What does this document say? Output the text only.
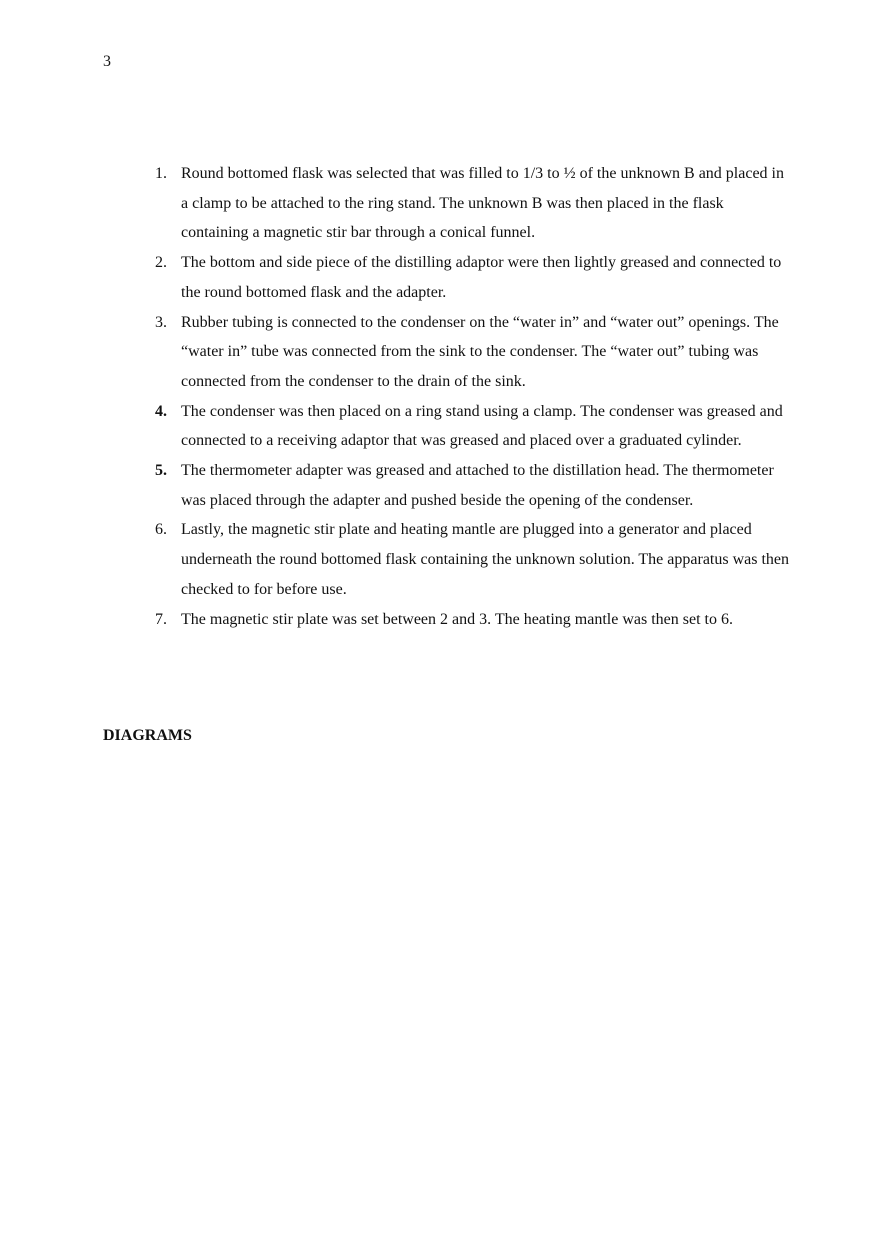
3
1. Round bottomed flask was selected that was filled to 1/3 to ½ of the unknown B and placed in a clamp to be attached to the ring stand. The unknown B was then placed in the flask containing a magnetic stir bar through a conical funnel.
2. The bottom and side piece of the distilling adaptor were then lightly greased and connected to the round bottomed flask and the adapter.
3. Rubber tubing is connected to the condenser on the “water in” and “water out” openings. The “water in” tube was connected from the sink to the condenser. The “water out” tubing was connected from the condenser to the drain of the sink.
4. The condenser was then placed on a ring stand using a clamp. The condenser was greased and connected to a receiving adaptor that was greased and placed over a graduated cylinder.
5. The thermometer adapter was greased and attached to the distillation head. The thermometer was placed through the adapter and pushed beside the opening of the condenser.
6. Lastly, the magnetic stir plate and heating mantle are plugged into a generator and placed underneath the round bottomed flask containing the unknown solution. The apparatus was then checked to for before use.
7. The magnetic stir plate was set between 2 and 3. The heating mantle was then set to 6.
DIAGRAMS
